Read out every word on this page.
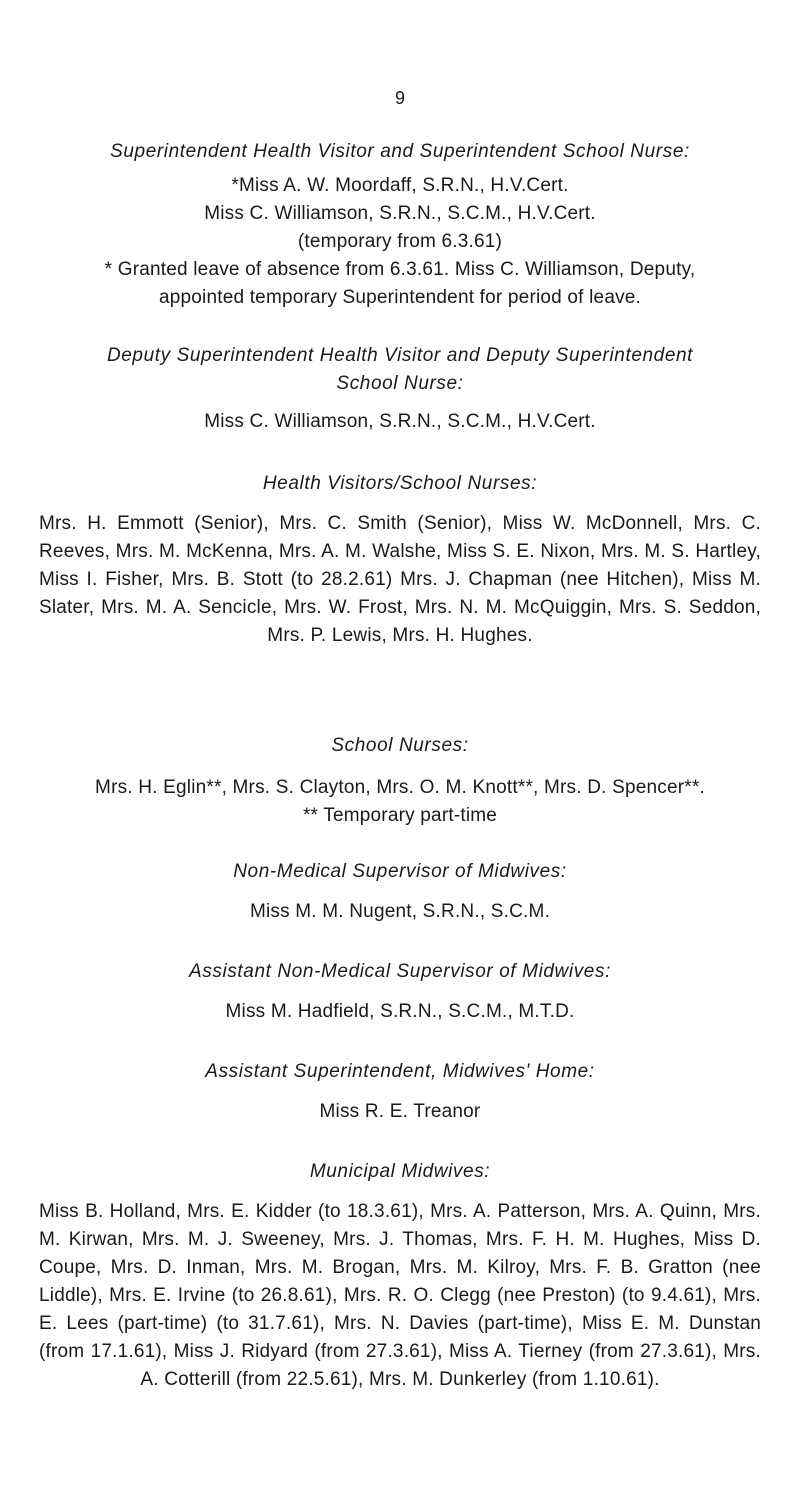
9

Superintendent Health Visitor and Superintendent School Nurse:

*Miss A. W. Moordaff, S.R.N., H.V.Cert.

Miss C. Williamson, S.R.N., S.C.M., H.V.Cert.

(temporary from 6.3.61)

* Granted leave of absence from 6.3.61. Miss C. Williamson, Deputy,

appointed temporary Superintendent for period of leave.

Deputy Superintendent Health Visitor and Deputy Superintendent

School Nurse:

Miss C. Williamson, S.R.N., S.C.M., H.V.Cert.

Health Visitors/School Nurses:

Mrs. H. Emmott (Senior), Mrs. C. Smith (Senior), Miss W. McDonnell, Mrs. C. Reeves, Mrs. M. McKenna, Mrs. A. M. Walshe, Miss S. E. Nixon, Mrs. M. S. Hartley, Miss I. Fisher, Mrs. B. Stott (to 28.2.61) Mrs. J. Chapman (nee Hitchen), Miss M. Slater, Mrs. M. A. Sencicle, Mrs. W. Frost, Mrs. N. M. McQuiggin, Mrs. S. Seddon, Mrs. P. Lewis, Mrs. H. Hughes.

School Nurses:

Mrs. H. Eglin**, Mrs. S. Clayton, Mrs. O. M. Knott**, Mrs. D. Spencer**.

** Temporary part-time

Non-Medical Supervisor of Midwives:

Miss M. M. Nugent, S.R.N., S.C.M.

Assistant Non-Medical Supervisor of Midwives:

Miss M. Hadfield, S.R.N., S.C.M., M.T.D.

Assistant Superintendent, Midwives' Home:

Miss R. E. Treanor

Municipal Midwives:

Miss B. Holland, Mrs. E. Kidder (to 18.3.61), Mrs. A. Patterson, Mrs. A. Quinn, Mrs. M. Kirwan, Mrs. M. J. Sweeney, Mrs. J. Thomas, Mrs. F. H. M. Hughes, Miss D. Coupe, Mrs. D. Inman, Mrs. M. Brogan, Mrs. M. Kilroy, Mrs. F. B. Gratton (nee Liddle), Mrs. E. Irvine (to 26.8.61), Mrs. R. O. Clegg (nee Preston) (to 9.4.61), Mrs. E. Lees (part-time) (to 31.7.61), Mrs. N. Davies (part-time), Miss E. M. Dunstan (from 17.1.61), Miss J. Ridyard (from 27.3.61), Miss A. Tierney (from 27.3.61), Mrs. A. Cotterill (from 22.5.61), Mrs. M. Dunkerley (from 1.10.61).
